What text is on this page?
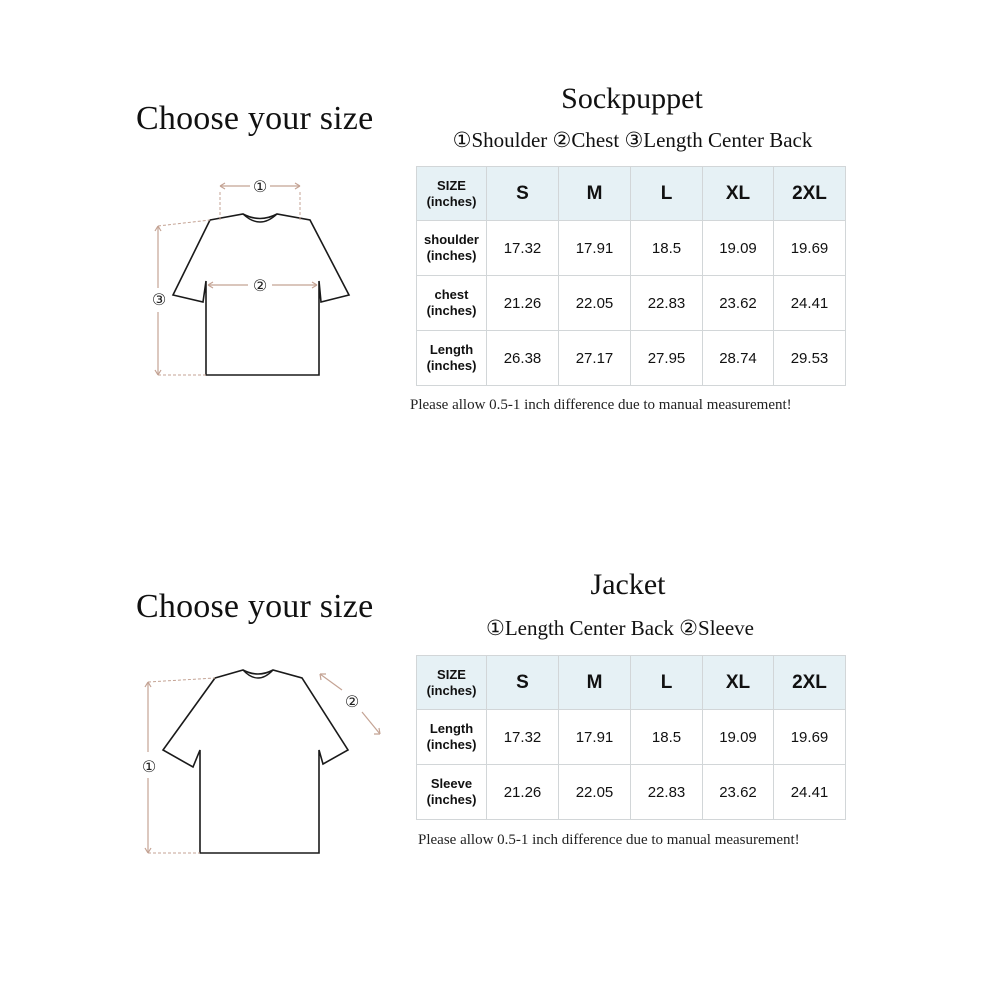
Choose your size
①
②
③
Sockpuppet
①Shoulder ②Chest ③Length Center Back
SIZE
(inches)	S	M	L	XL	2XL

shoulder
(inches)	17.32	17.91	18.5	19.09	19.69

chest
(inches)	21.26	22.05	22.83	23.62	24.41

Length
(inches)	26.38	27.17	27.95	28.74	29.53
Please allow 0.5-1 inch difference due to manual measurement!
Choose your size
①
②
Jacket
①Length Center Back ②Sleeve
SIZE
(inches)	S	M	L	XL	2XL

Length
(inches)	17.32	17.91	18.5	19.09	19.69

Sleeve
(inches)	21.26	22.05	22.83	23.62	24.41
Please allow 0.5-1 inch difference due to manual measurement!
